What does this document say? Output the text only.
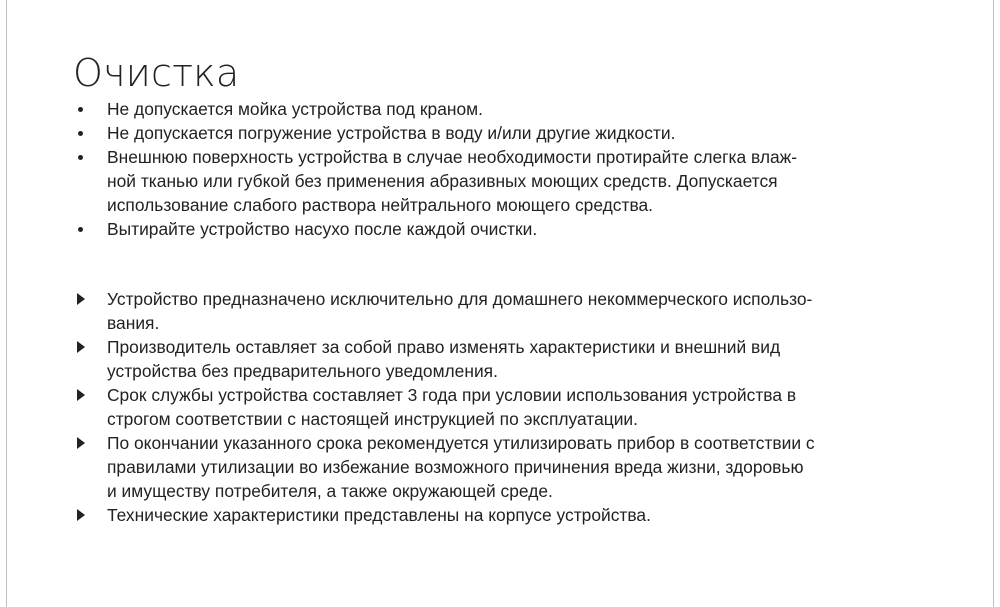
Очистка
Не допускается мойка устройства под краном.
Не допускается погружение устройства в воду и/или другие жидкости.
Внешнюю поверхность устройства в случае необходимости протирайте слегка влаж-
ной тканью или губкой без применения абразивных моющих средств. Допускается
использование слабого раствора нейтрального моющего средства.
Вытирайте устройство насухо после каждой очистки.
Устройство предназначено исключительно для домашнего некоммерческого использо-
вания.
Производитель оставляет за собой право изменять характеристики и внешний вид
устройства без предварительного уведомления.
Срок службы устройства составляет 3 года при условии использования устройства в
строгом соответствии с настоящей инструкцией по эксплуатации.
По окончании указанного срока рекомендуется утилизировать прибор в соответствии с
правилами утилизации во избежание возможного причинения вреда жизни, здоровью
и имуществу потребителя, а также окружающей среде.
Технические характеристики представлены на корпусе устройства.
